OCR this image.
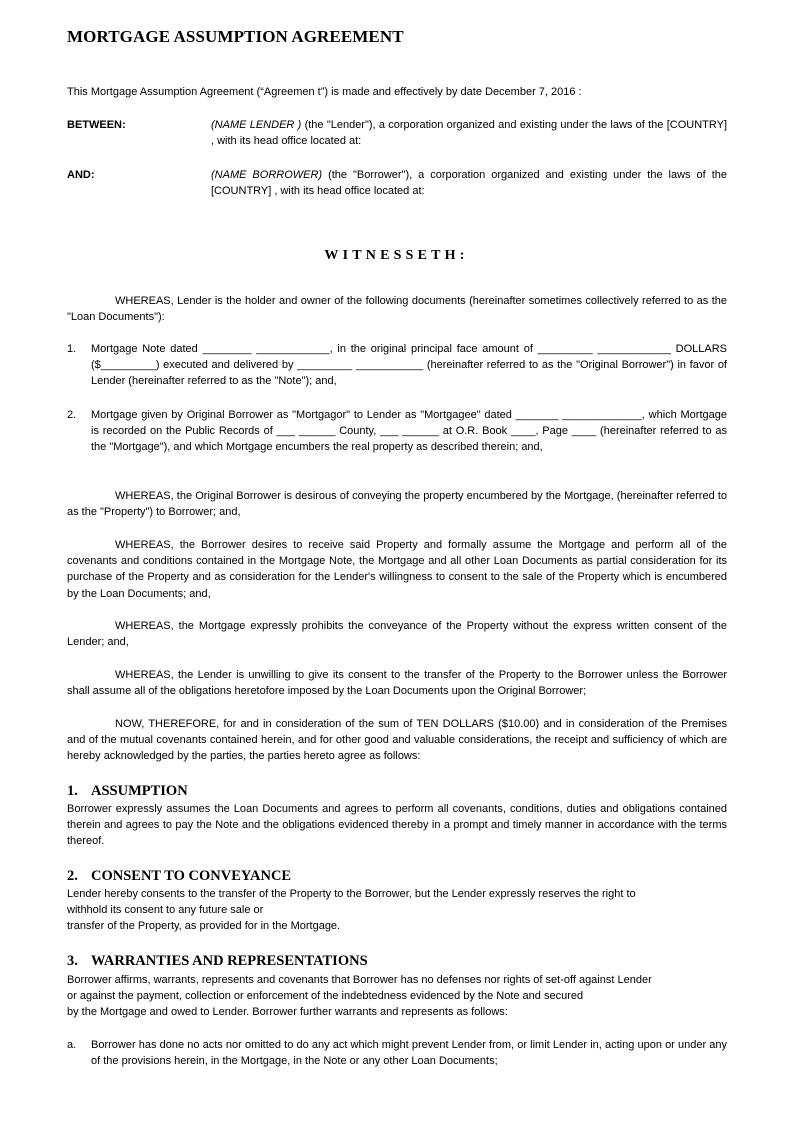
MORTGAGE ASSUMPTION AGREEMENT
This Mortgage Assumption Agreement (“Agreemen t”) is made and effectively by date December 7, 2016 :
BETWEEN:	(NAME LENDER ) (the "Lender"), a corporation organized and existing under the laws of the [COUNTRY] , with its head office located at:
AND:	(NAME BORROWER) (the "Borrower"), a corporation organized and existing under the laws of the [COUNTRY] , with its head office located at:
WITNESSETH:
WHEREAS, Lender is the holder and owner of the following documents (hereinafter sometimes collectively referred to as the "Loan Documents"):
1.	Mortgage Note dated ________ ____________, in the original principal face amount of _________ ____________ DOLLARS ($_________) executed and delivered by _________ ___________ (hereinafter referred to as the "Original Borrower") in favor of Lender (hereinafter referred to as the "Note"); and,
2.	Mortgage given by Original Borrower as "Mortgagor" to Lender as "Mortgagee" dated _______ _____________, which Mortgage is recorded on the Public Records of ___ ______ County, ___ ______ at O.R. Book ____, Page ____ (hereinafter referred to as the "Mortgage"), and which Mortgage encumbers the real property as described therein; and,
WHEREAS, the Original Borrower is desirous of conveying the property encumbered by the Mortgage, (hereinafter referred to as the "Property") to Borrower; and,
WHEREAS, the Borrower desires to receive said Property and formally assume the Mortgage and perform all of the covenants and conditions contained in the Mortgage Note, the Mortgage and all other Loan Documents as partial consideration for its purchase of the Property and as consideration for the Lender's willingness to consent to the sale of the Property which is encumbered by the Loan Documents; and,
WHEREAS, the Mortgage expressly prohibits the conveyance of the Property without the express written consent of the Lender; and,
WHEREAS, the Lender is unwilling to give its consent to the transfer of the Property to the Borrower unless the Borrower shall assume all of the obligations heretofore imposed by the Loan Documents upon the Original Borrower;
NOW, THEREFORE, for and in consideration of the sum of TEN DOLLARS ($10.00) and in consideration of the Premises and of the mutual covenants contained herein, and for other good and valuable considerations, the receipt and sufficiency of which are hereby acknowledged by the parties, the parties hereto agree as follows:
1. ASSUMPTION
Borrower expressly assumes the Loan Documents and agrees to perform all covenants, conditions, duties and obligations contained therein and agrees to pay the Note and the obligations evidenced thereby in a prompt and timely manner in accordance with the terms thereof.
2. CONSENT TO CONVEYANCE
Lender hereby consents to the transfer of the Property to the Borrower, but the Lender expressly reserves the right to
withhold its consent to any future sale or
transfer of the Property, as provided for in the Mortgage.
3. WARRANTIES AND REPRESENTATIONS
Borrower affirms, warrants, represents and covenants that Borrower has no defenses nor rights of set-off against Lender
or against the payment, collection or enforcement of the indebtedness evidenced by the Note and secured
by the Mortgage and owed to Lender. Borrower further warrants and represents as follows:
a.	Borrower has done no acts nor omitted to do any act which might prevent Lender from, or limit Lender in, acting upon or under any of the provisions herein, in the Mortgage, in the Note or any other Loan Documents;
